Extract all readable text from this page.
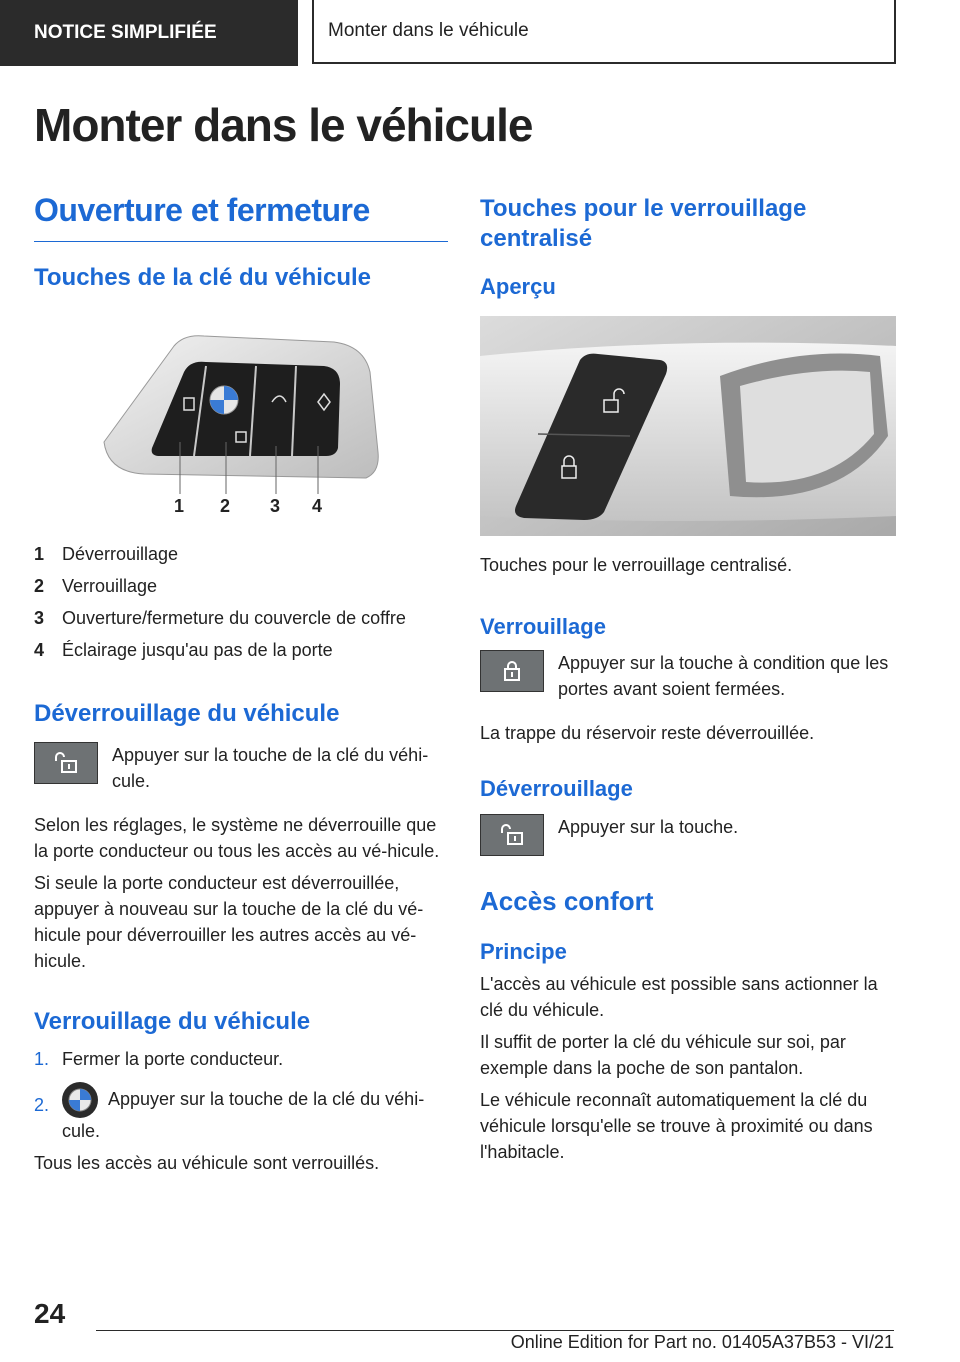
NOTICE SIMPLIFIÉE	Monter dans le véhicule
Monter dans le véhicule
Ouverture et fermeture
Touches de la clé du véhicule
1 2 3 4
1 Déverrouillage
2 Verrouillage
3 Ouverture/fermeture du couvercle de coffre
4 Éclairage jusqu'au pas de la porte
Déverrouillage du véhicule
Appuyer sur la touche de la clé du véhi-
cule.

Selon les réglages, le système ne déverrouille que la porte conducteur ou tous les accès au vé-hicule.

Si seule la porte conducteur est déverrouillée, appuyer à nouveau sur la touche de la clé du vé-hicule pour déverrouiller les autres accès au vé-hicule.

Verrouillage du véhicule
1. Fermer la porte conducteur.
2.	Appuyer sur la touche de la clé du véhi-cule.

Tous les accès au véhicule sont verrouillés.

Touches pour le verrouillage centralisé
Aperçu

Touches pour le verrouillage centralisé.

Verrouillage

Appuyer sur la touche à condition que les portes avant soient fermées.

La trappe du réservoir reste déverrouillée.

Déverrouillage

Appuyer sur la touche.

Accès confort
Principe

L'accès au véhicule est possible sans actionner la clé du véhicule.

Il suffit de porter la clé du véhicule sur soi, par exemple dans la poche de son pantalon.

Le véhicule reconnaît automatiquement la clé du véhicule lorsqu'elle se trouve à proximité ou dans l'habitacle.

24
Online Edition for Part no. 01405A37B53 - VI/21
